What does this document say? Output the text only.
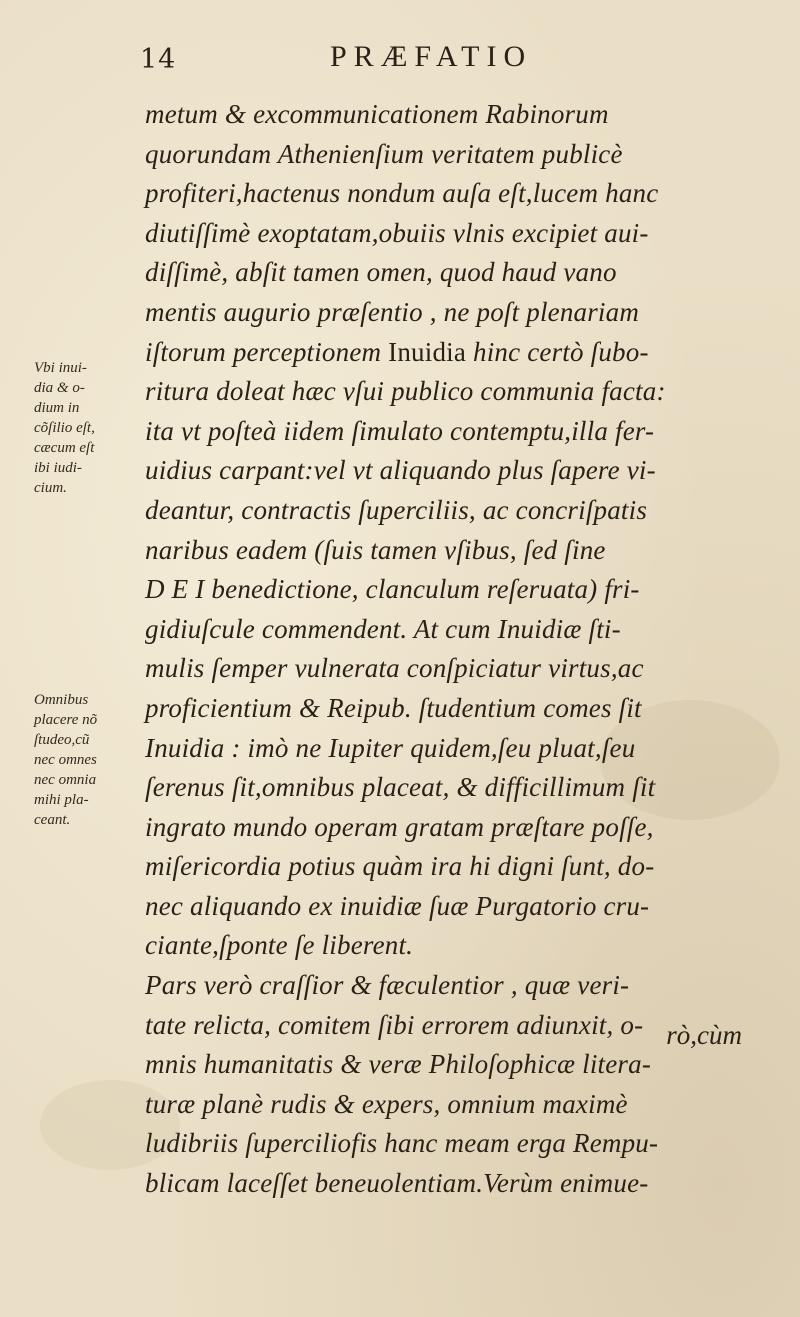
14	PRÆFATIO
metum & excommunicationem Rabinorum
quorundam Athenienſium veritatem publicè
profiteri,hactenus nondum auſa eſt,lucem hanc
diutiſſimè exoptatam,obuiis vlnis excipiet aui-
diſſimè, abſit tamen omen, quod haud vano
mentis augurio præſentio , ne poſt plenariam
iſtorum perceptionem Inuidia hinc certò ſubo-
ritura doleat hæc vſui publico communia facta:
ita vt poſteà iidem ſimulato contemptu,illa fer-
uidius carpant:vel vt aliquando plus ſapere vi-
deantur, contractis ſuperciliis, ac concriſpatis
naribus eadem (ſuis tamen vſibus, ſed ſine
D E I benedictione, clanculum reſeruata) fri-
gidiuſcule commendent. At cum Inuidiæ ſti-
mulis ſemper vulnerata conſpiciatur virtus,ac
proficientium & Reipub. ſtudentium comes ſit
Inuidia : imò ne Iupiter quidem,ſeu pluat,ſeu
ſerenus ſit,omnibus placeat, & difficillimum ſit
ingrato mundo operam gratam præſtare poſſe,
miſericordia potius quàm ira hi digni ſunt, do-
nec aliquando ex inuidiæ ſuæ Purgatorio cru-
ciante,ſponte ſe liberent.
Pars verò craſſior & fæculentior , quæ veri-
tate relicta, comitem ſibi errorem adiunxit, o-
mnis humanitatis & veræ Philoſophicæ litera-
turæ planè rudis & expers, omnium maximè
ludibriis ſuperciliofis hanc meam erga Rempu-
blicam laceſſet beneuolentiam.Verùm enimue-
rò,cùm
Vbi inui-
dia & o-
dium in
cõſilio eſt,
cæcum eſt
ibi iudi-
cium.
Omnibus
placere nõ
ſtudeo,cũ
nec omnes
nec omnia
mihi pla-
ceant.
